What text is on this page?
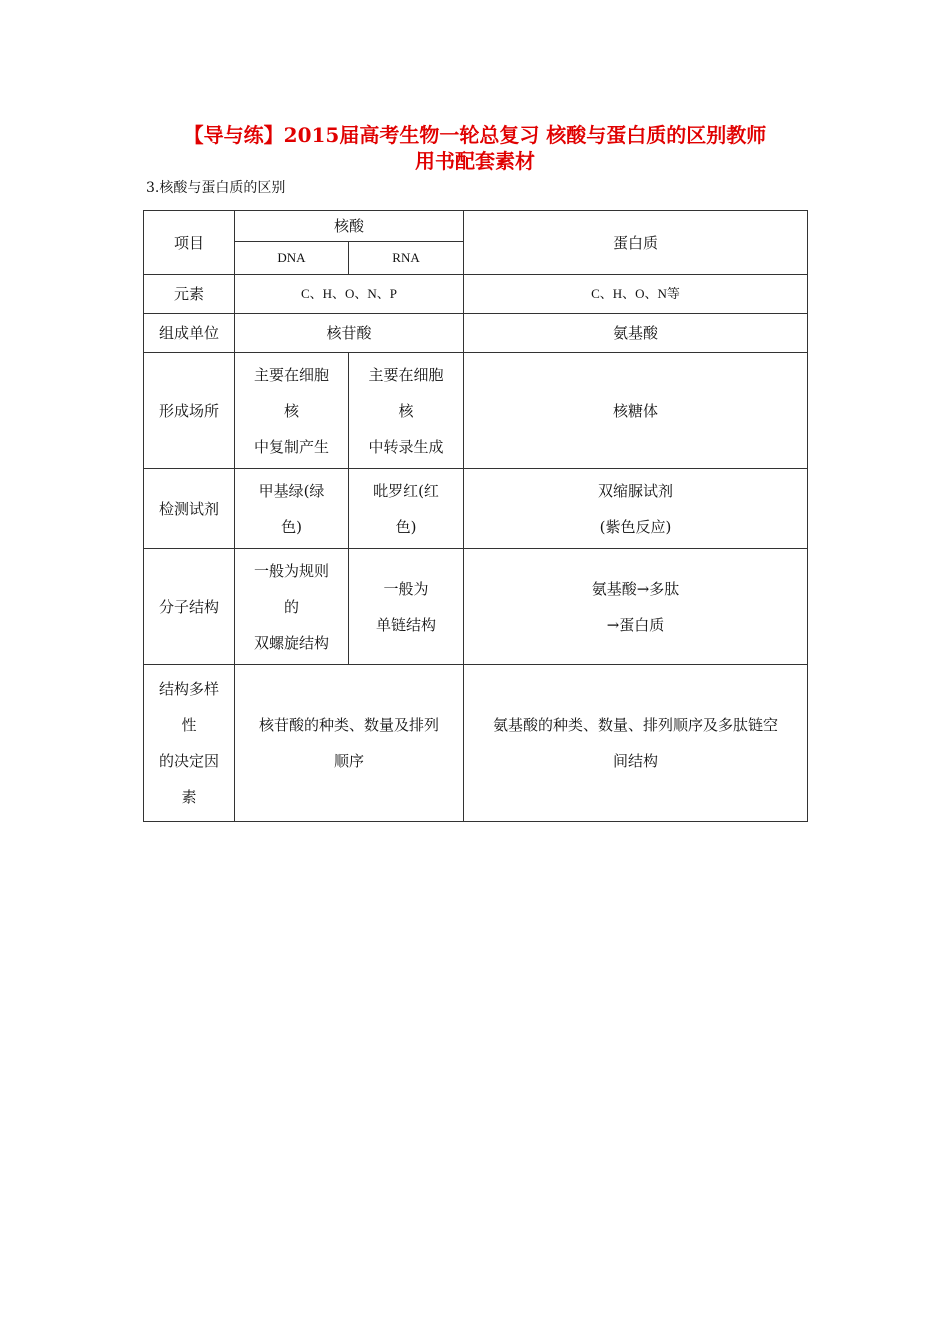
【导与练】2015届高考生物一轮总复习 核酸与蛋白质的区别教师
用书配套素材
3.核酸与蛋白质的区别
项目	核酸		蛋白质
	DNA	RNA	
元素	C、H、O、N、P		C、H、O、N等
组成单位	核苷酸		氨基酸
形成场所	主要在细胞
核
中复制产生	主要在细胞
核
中转录生成	核糖体
检测试剂	甲基绿(绿
色)	吡罗红(红
色)	双缩脲试剂
(紫色反应)
分子结构	一般为规则
的
双螺旋结构	一般为
单链结构	氨基酸→多肽
→蛋白质
结构多样
性
的决定因
素	核苷酸的种类、数量及排列
顺序		氨基酸的种类、数量、排列顺序及多肽链空
间结构
